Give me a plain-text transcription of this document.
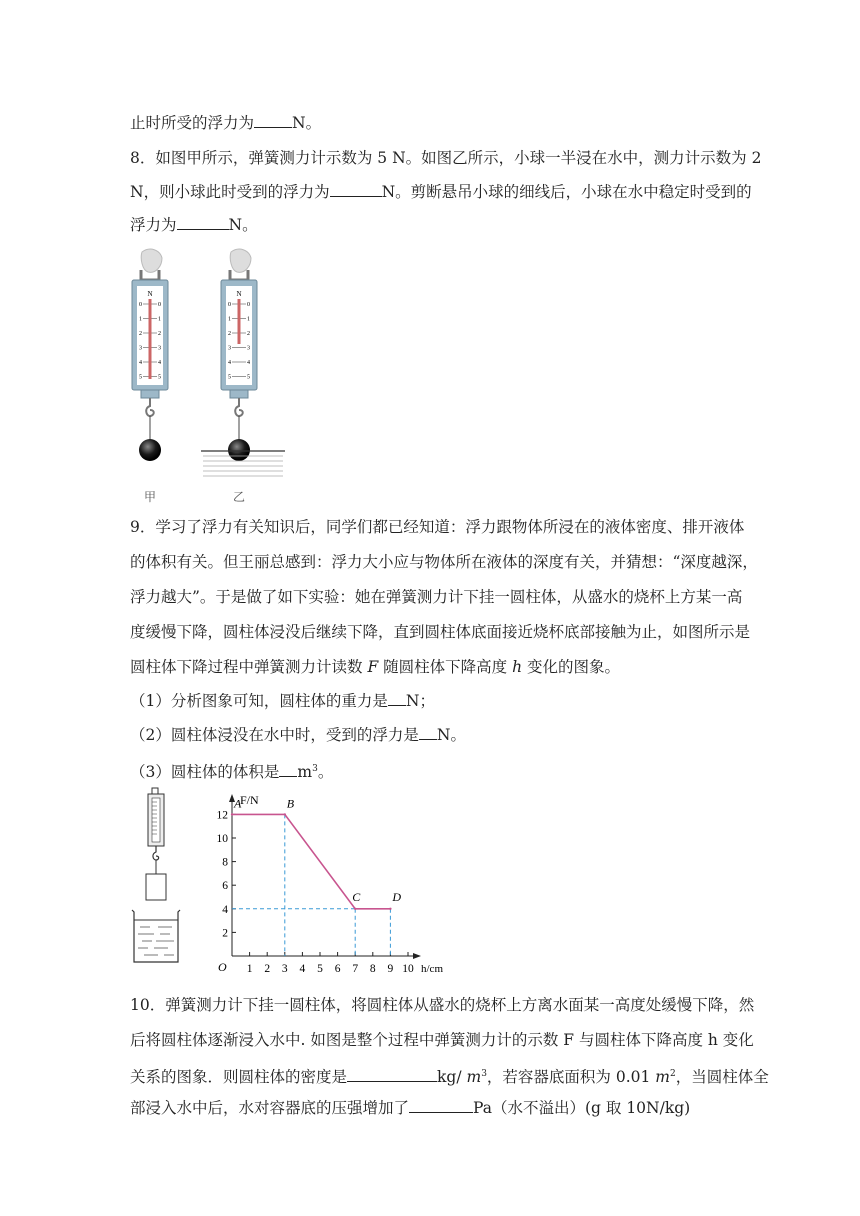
止时所受的浮力为 N。
8．如图甲所示，弹簧测力计示数为 5 N。如图乙所示，小球一半浸在水中，测力计示数为 2
N，则小球此时受到的浮力为	N。剪断悬吊小球的细线后，小球在水中稳定时受到的
浮力为	N。
N
0	0
1	1
2	2
3	3
4	4
5	5
N
0	0
1	1
2	2
3	3
4	4
5	5
甲	乙
9．学习了浮力有关知识后，同学们都已经知道：浮力跟物体所浸在的液体密度、排开液体
的体积有关。但王丽总感到：浮力大小应与物体所在液体的深度有关，并猜想：“深度越深，
浮力越大”。于是做了如下实验：她在弹簧测力计下挂一圆柱体，从盛水的烧杯上方某一高
度缓慢下降，圆柱体浸没后继续下降，直到圆柱体底面接近烧杯底部接触为止，如图所示是
圆柱体下降过程中弹簧测力计读数 F 随圆柱体下降高度 h 变化的图象。
（1）分析图象可知，圆柱体的重力是 N；
（2）圆柱体浸没在水中时，受到的浮力是 N。
（3）圆柱体的体积是 $m^3$。
2
4
6
8
10
12
1 2 3 4 5 6 7 8 9 10
F/N
h/cm
O
A	B
C	D
10．弹簧测力计下挂一圆柱体，将圆柱体从盛水的烧杯上方离水面某一高度处缓慢下降，然
后将圆柱体逐渐浸入水中. 如图是整个过程中弹簧测力计的示数 F 与圆柱体下降高度 h 变化
关系的图象．则圆柱体的密度是	kg/ $m^3$，若容器底面积为 0.01 $m^2$，当圆柱体全
部浸入水中后，水对容器底的压强增加了	Pa（水不溢出）(g 取 10N/kg)
